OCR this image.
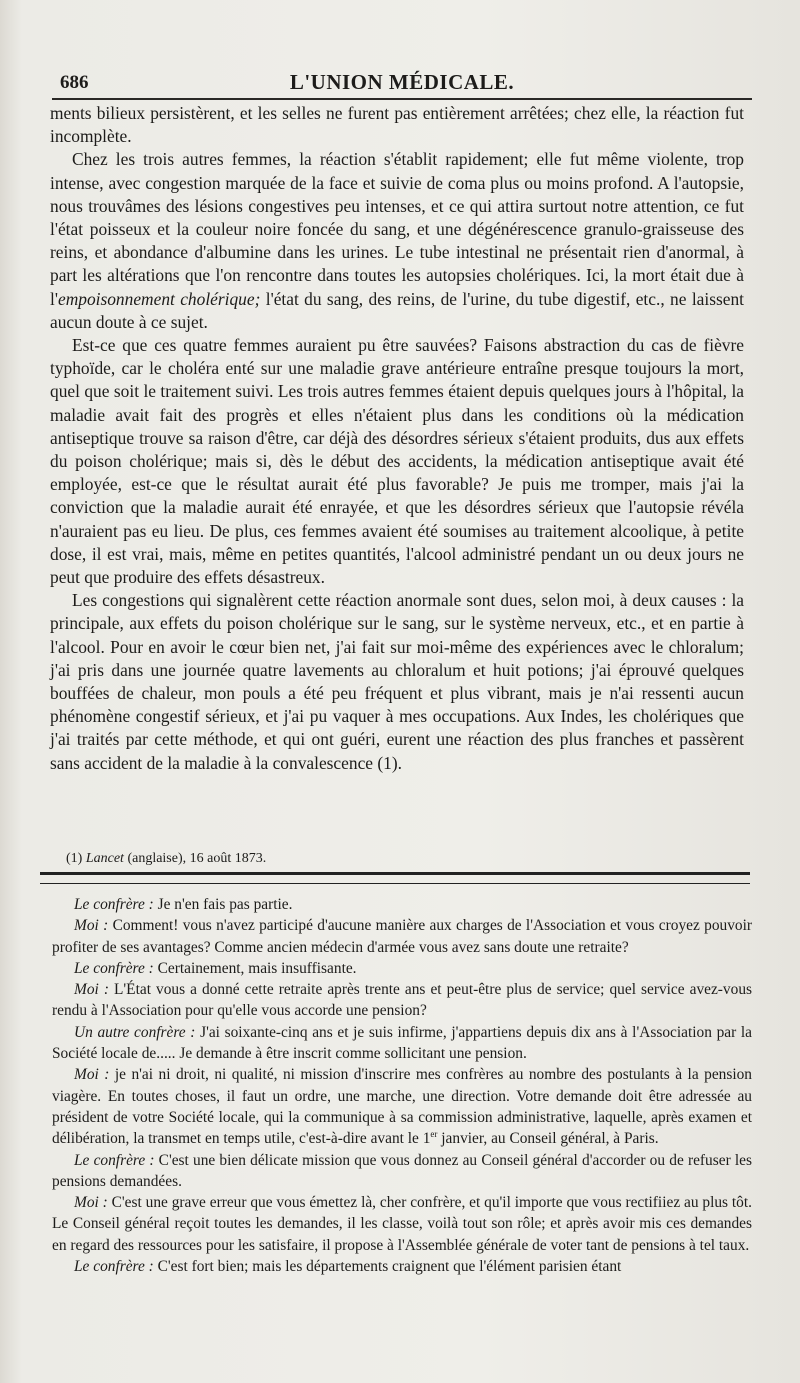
686	L'UNION MÉDICALE.

ments bilieux persistèrent, et les selles ne furent pas entièrement arrêtées; chez elle, la réaction fut incomplète.

Chez les trois autres femmes, la réaction s'établit rapidement; elle fut même violente, trop intense, avec congestion marquée de la face et suivie de coma plus ou moins profond. A l'autopsie, nous trouvâmes des lésions congestives peu intenses, et ce qui attira surtout notre attention, ce fut l'état poisseux et la couleur noire foncée du sang, et une dégénérescence granulo-graisseuse des reins, et abondance d'albumine dans les urines. Le tube intestinal ne présentait rien d'anormal, à part les altérations que l'on rencontre dans toutes les autopsies cholériques. Ici, la mort était due à l'empoisonnement cholérique; l'état du sang, des reins, de l'urine, du tube digestif, etc., ne laissent aucun doute à ce sujet.

Est-ce que ces quatre femmes auraient pu être sauvées? Faisons abstraction du cas de fièvre typhoïde, car le choléra enté sur une maladie grave antérieure entraîne presque toujours la mort, quel que soit le traitement suivi. Les trois autres femmes étaient depuis quelques jours à l'hôpital, la maladie avait fait des progrès et elles n'étaient plus dans les conditions où la médication antiseptique trouve sa raison d'être, car déjà des désordres sérieux s'étaient produits, dus aux effets du poison cholérique; mais si, dès le début des accidents, la médication antiseptique avait été employée, est-ce que le résultat aurait été plus favorable? Je puis me tromper, mais j'ai la conviction que la maladie aurait été enrayée, et que les désordres sérieux que l'autopsie révéla n'auraient pas eu lieu. De plus, ces femmes avaient été soumises au traitement alcoolique, à petite dose, il est vrai, mais, même en petites quantités, l'alcool administré pendant un ou deux jours ne peut que produire des effets désastreux.

Les congestions qui signalèrent cette réaction anormale sont dues, selon moi, à deux causes : la principale, aux effets du poison cholérique sur le sang, sur le système nerveux, etc., et en partie à l'alcool. Pour en avoir le cœur bien net, j'ai fait sur moi-même des expériences avec le chloralum; j'ai pris dans une journée quatre lavements au chloralum et huit potions; j'ai éprouvé quelques bouffées de chaleur, mon pouls a été peu fréquent et plus vibrant, mais je n'ai ressenti aucun phénomène congestif sérieux, et j'ai pu vaquer à mes occupations. Aux Indes, les cholériques que j'ai traités par cette méthode, et qui ont guéri, eurent une réaction des plus franches et passèrent sans accident de la maladie à la convalescence (1).

(1) Lancet (anglaise), 16 août 1873.

Le confrère : Je n'en fais pas partie.

Moi : Comment! vous n'avez participé d'aucune manière aux charges de l'Association et vous croyez pouvoir profiter de ses avantages? Comme ancien médecin d'armée vous avez sans doute une retraite?

Le confrère : Certainement, mais insuffisante.

Moi : L'État vous a donné cette retraite après trente ans et peut-être plus de service; quel service avez-vous rendu à l'Association pour qu'elle vous accorde une pension?

Un autre confrère : J'ai soixante-cinq ans et je suis infirme, j'appartiens depuis dix ans à l'Association par la Société locale de..... Je demande à être inscrit comme sollicitant une pension.

Moi : je n'ai ni droit, ni qualité, ni mission d'inscrire mes confrères au nombre des postulants à la pension viagère. En toutes choses, il faut un ordre, une marche, une direction. Votre demande doit être adressée au président de votre Société locale, qui la communique à sa commission administrative, laquelle, après examen et délibération, la transmet en temps utile, c'est-à-dire avant le 1er janvier, au Conseil général, à Paris.

Le confrère : C'est une bien délicate mission que vous donnez au Conseil général d'accorder ou de refuser les pensions demandées.

Moi : C'est une grave erreur que vous émettez là, cher confrère, et qu'il importe que vous rectifiiez au plus tôt. Le Conseil général reçoit toutes les demandes, il les classe, voilà tout son rôle; et après avoir mis ces demandes en regard des ressources pour les satisfaire, il propose à l'Assemblée générale de voter tant de pensions à tel taux.

Le confrère : C'est fort bien; mais les départements craignent que l'élément parisien étant
